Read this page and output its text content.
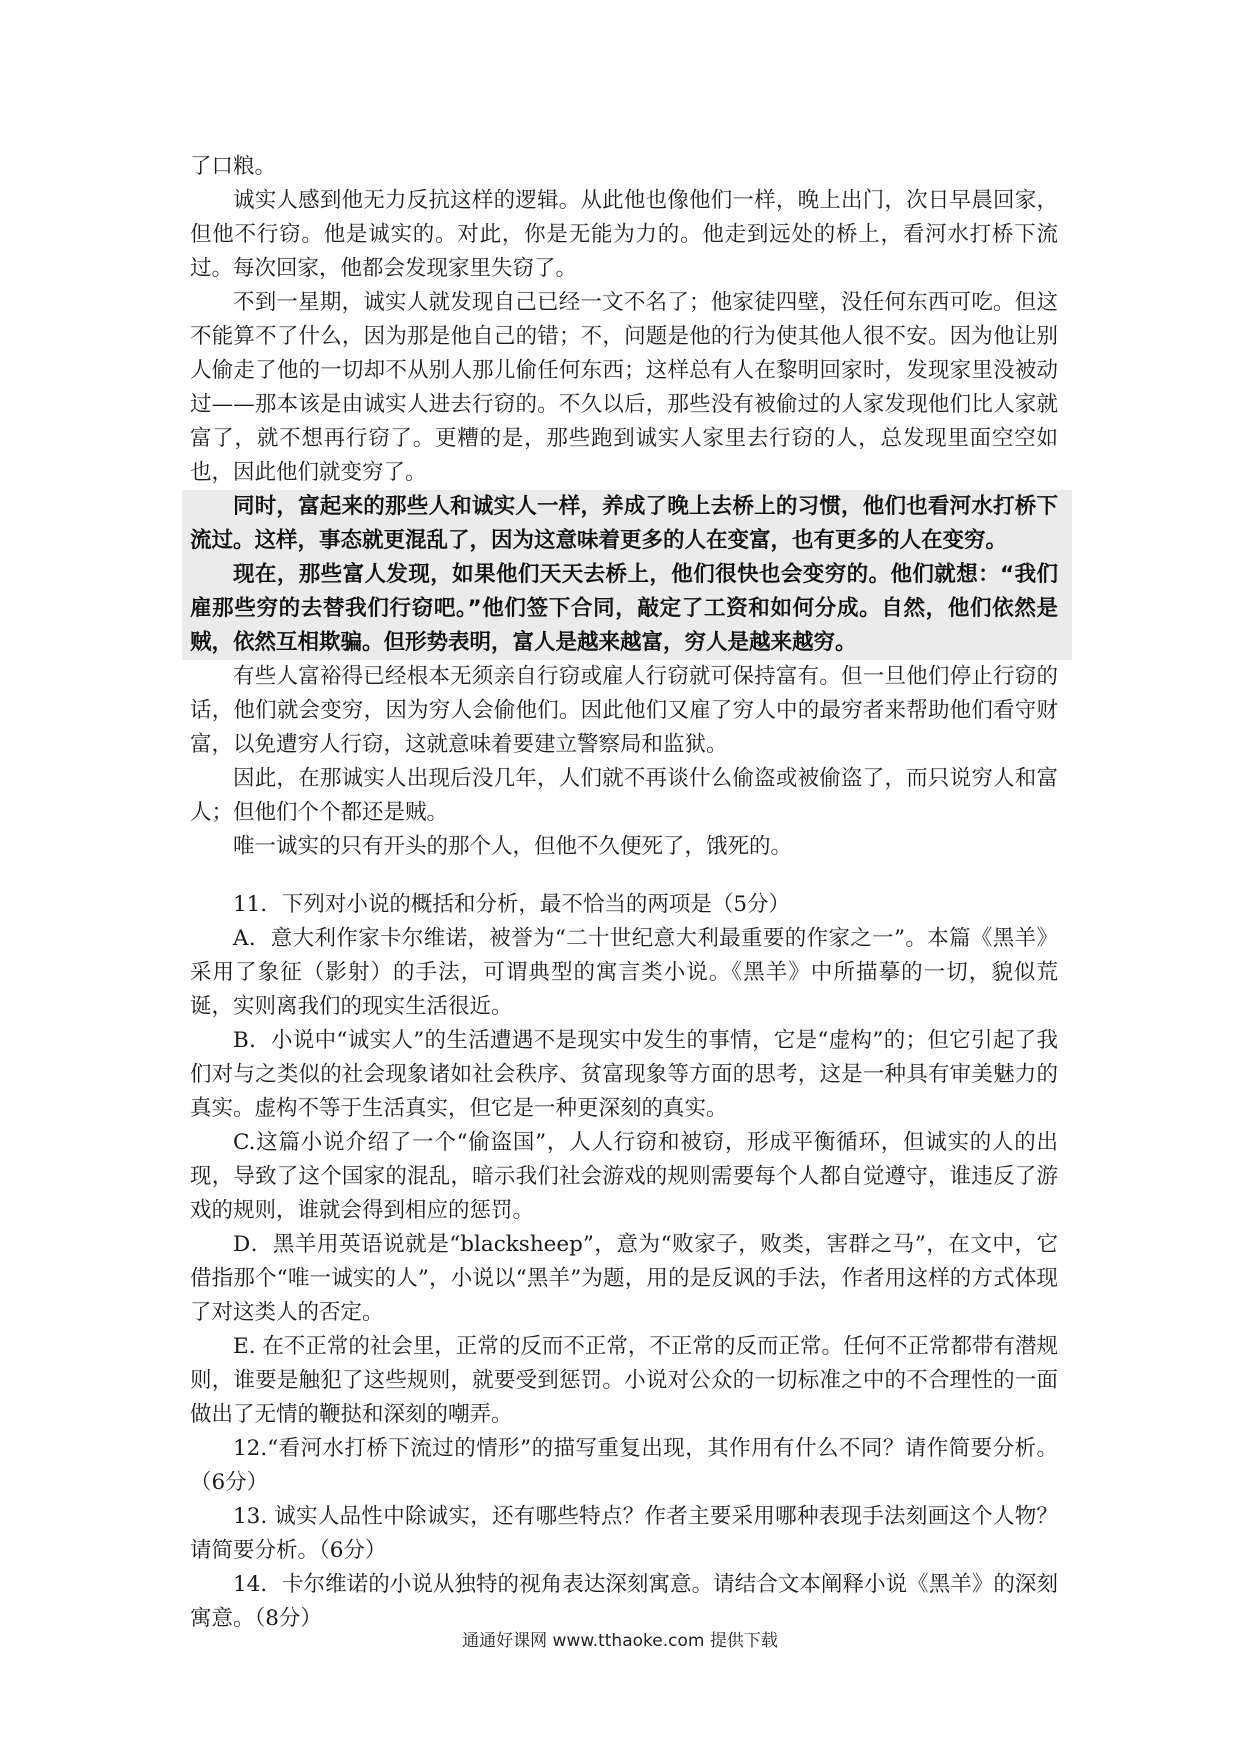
了口粮。

诚实人感到他无力反抗这样的逻辑。从此他也像他们一样，晚上出门，次日早晨回家，但他不行窃。他是诚实的。对此，你是无能为力的。他走到远处的桥上，看河水打桥下流过。每次回家，他都会发现家里失窃了。

不到一星期，诚实人就发现自己已经一文不名了；他家徒四壁，没任何东西可吃。但这不能算不了什么，因为那是他自己的错；不，问题是他的行为使其他人很不安。因为他让别人偷走了他的一切却不从别人那儿偷任何东西；这样总有人在黎明回家时，发现家里没被动过——那本该是由诚实人进去行窃的。不久以后，那些没有被偷过的人家发现他们比人家就富了，就不想再行窃了。更糟的是，那些跑到诚实人家里去行窃的人，总发现里面空空如也，因此他们就变穷了。

同时，富起来的那些人和诚实人一样，养成了晚上去桥上的习惯，他们也看河水打桥下流过。这样，事态就更混乱了，因为这意味着更多的人在变富，也有更多的人在变穷。

现在，那些富人发现，如果他们天天去桥上，他们很快也会变穷的。他们就想：“我们雇那些穷的去替我们行窃吧。”他们签下合同，敲定了工资和如何分成。自然，他们依然是贼，依然互相欺骗。但形势表明，富人是越来越富，穷人是越来越穷。

有些人富裕得已经根本无须亲自行窃或雇人行窃就可保持富有。但一旦他们停止行窃的话，他们就会变穷，因为穷人会偷他们。因此他们又雇了穷人中的最穷者来帮助他们看守财富，以免遭穷人行窃，这就意味着要建立警察局和监狱。

因此，在那诚实人出现后没几年，人们就不再谈什么偷盗或被偷盗了，而只说穷人和富人；但他们个个都还是贼。

唯一诚实的只有开头的那个人，但他不久便死了，饿死的。

11．下列对小说的概括和分析，最不恰当的两项是（5分）

A．意大利作家卡尔维诺，被誉为“二十世纪意大利最重要的作家之一”。本篇《黑羊》采用了象征（影射）的手法，可谓典型的寓言类小说。《黑羊》中所描摹的一切，貌似荒诞，实则离我们的现实生活很近。

B．小说中“诚实人”的生活遭遇不是现实中发生的事情，它是“虚构”的；但它引起了我们对与之类似的社会现象诸如社会秩序、贫富现象等方面的思考，这是一种具有审美魅力的真实。虚构不等于生活真实，但它是一种更深刻的真实。

C.这篇小说介绍了一个“偷盗国”，人人行窃和被窃，形成平衡循环，但诚实的人的出现，导致了这个国家的混乱，暗示我们社会游戏的规则需要每个人都自觉遵守，谁违反了游戏的规则，谁就会得到相应的惩罚。

D．黑羊用英语说就是“blacksheep”，意为“败家子，败类，害群之马”，在文中，它借指那个“唯一诚实的人”，小说以“黑羊”为题，用的是反讽的手法，作者用这样的方式体现了对这类人的否定。

E. 在不正常的社会里，正常的反而不正常，不正常的反而正常。任何不正常都带有潜规则，谁要是触犯了这些规则，就要受到惩罚。小说对公众的一切标准之中的不合理性的一面做出了无情的鞭挞和深刻的嘲弄。

12.“看河水打桥下流过的情形”的描写重复出现，其作用有什么不同？请作简要分析。（6分）

13. 诚实人品性中除诚实，还有哪些特点？作者主要采用哪种表现手法刻画这个人物？请简要分析。（6分）

14．卡尔维诺的小说从独特的视角表达深刻寓意。请结合文本阐释小说《黑羊》的深刻寓意。（8分）

通通好课网 www.tthaoke.com 提供下载
